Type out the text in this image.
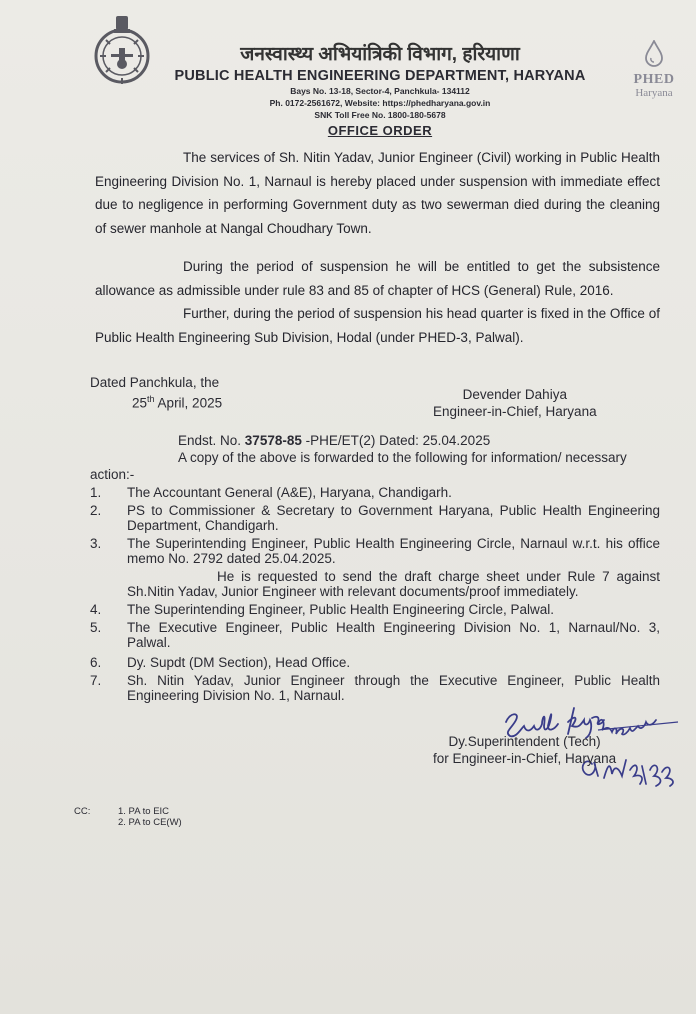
जनस्वास्थ्य अभियांत्रिकी विभाग, हरियाणा
PUBLIC HEALTH ENGINEERING DEPARTMENT, HARYANA
Bays No. 13-18, Sector-4, Panchkula- 134112
Ph. 0172-2561672, Website: https://phedharyana.gov.in
SNK Toll Free No. 1800-180-5678
PHED
Haryana
OFFICE ORDER
The services of Sh. Nitin Yadav, Junior Engineer (Civil) working in Public Health Engineering Division No. 1, Narnaul is hereby placed under suspension with immediate effect due to negligence in performing Government duty as two sewerman died during the cleaning of sewer manhole at Nangal Choudhary Town.
During the period of suspension he will be entitled to get the subsistence allowance as admissible under rule 83 and 85 of chapter of HCS (General) Rule, 2016.
Further, during the period of suspension his head quarter is fixed in the Office of Public Health Engineering Sub Division, Hodal (under PHED-3, Palwal).
Dated Panchkula, the
25th April, 2025
Devender Dahiya
Engineer-in-Chief, Haryana
Endst. No. 37578-85 -PHE/ET(2) Dated: 25.04.2025
A copy of the above is forwarded to the following for information/ necessary action:-
1.	The Accountant General (A&E), Haryana, Chandigarh.
2.	PS to Commissioner & Secretary to Government Haryana, Public Health Engineering Department, Chandigarh.
3.	The Superintending Engineer, Public Health Engineering Circle, Narnaul w.r.t. his office memo No. 2792 dated 25.04.2025.
He is requested to send the draft charge sheet under Rule 7 against Sh.Nitin Yadav, Junior Engineer with relevant documents/proof immediately.
4.	The Superintending Engineer, Public Health Engineering Circle, Palwal.
5.	The Executive Engineer, Public Health Engineering Division No. 1, Narnaul/No. 3, Palwal.
6.	Dy. Supdt (DM Section), Head Office.
7.	Sh. Nitin Yadav, Junior Engineer through the Executive Engineer, Public Health Engineering Division No. 1, Narnaul.
Dy.Superintendent (Tech)
for Engineer-in-Chief, Haryana
CC:	1. PA to EIC
2. PA to CE(W)
